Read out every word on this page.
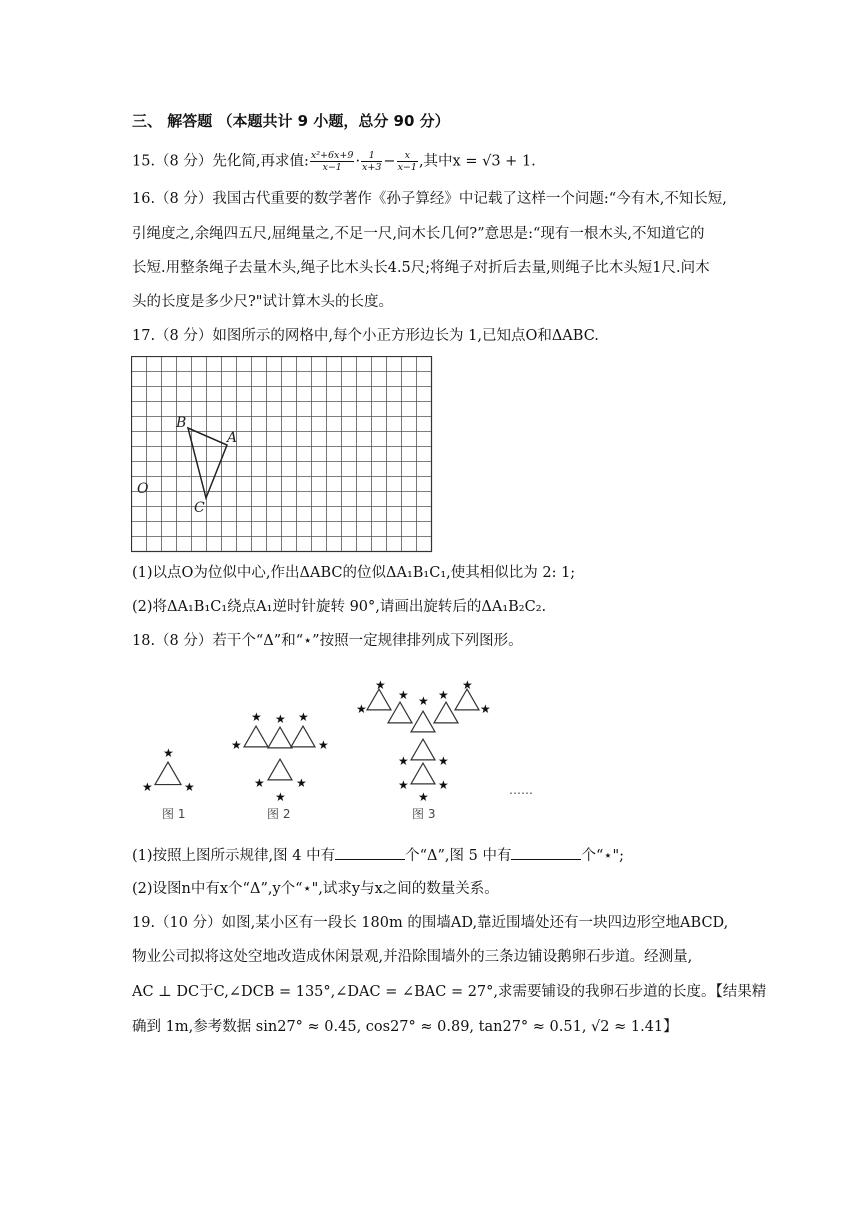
三、 解答题 （本题共计 9 小题，总分 90 分）
15.（8 分）先化简,再求值: $\frac{\text{x²+6x+9}}{x-1} \cdot \frac{1}{x+3} - \frac{x}{x-1}$ ,其中x = √3 + 1.
16.（8 分）我国古代重要的数学著作《孙子算经》中记载了这样一个问题:“今有木,不知长短,
引绳度之,余绳四五尺,屈绳量之,不足一尺,问木长几何?”意思是:“现有一根木头,不知道它的
长短.用整条绳子去量木头,绳子比木头长4.5尺;将绳子对折后去量,则绳子比木头短1尺.问木
头的长度是多少尺?"试计算木头的长度。
17.（8 分）如图所示的网格中,每个小正方形边长为 1,已知点O和ΔABC.
B
A
C
O
(1)以点O为位似中心,作出ΔABC的位似ΔA₁B₁C₁,使其相似比为 2: 1;
(2)将ΔA₁B₁C₁绕点A₁逆时针旋转 90°,请画出旋转后的ΔA₁B₂C₂.
18.（8 分）若干个“Δ”和“⋆”按照一定规律排列成下列图形。
★
★	★
★
★	★
★	★
★	★
★
★
★	★
★	★
★ ★
★ ★
★ ★
★
图 1	图 2	图 3
……
(1)按照上图所示规律,图 4 中有	个“Δ”,图 5 中有	个“⋆";
(2)设图n中有x个“Δ”,y个“⋆",试求y与x之间的数量关系。
19.（10 分）如图,某小区有一段长 180m 的围墙AD,靠近围墙处还有一块四边形空地ABCD,
物业公司拟将这处空地改造成休闲景观,并沿除围墙外的三条边铺设鹅卵石步道。经测量,
AC ⊥ DC于C,∠DCB = 135°,∠DAC = ∠BAC = 27°,求需要铺设的我卵石步道的长度。【结果精
确到 1m,参考数据 sin27° ≈ 0.45, cos27° ≈ 0.89, tan27° ≈ 0.51, √2 ≈ 1.41】
